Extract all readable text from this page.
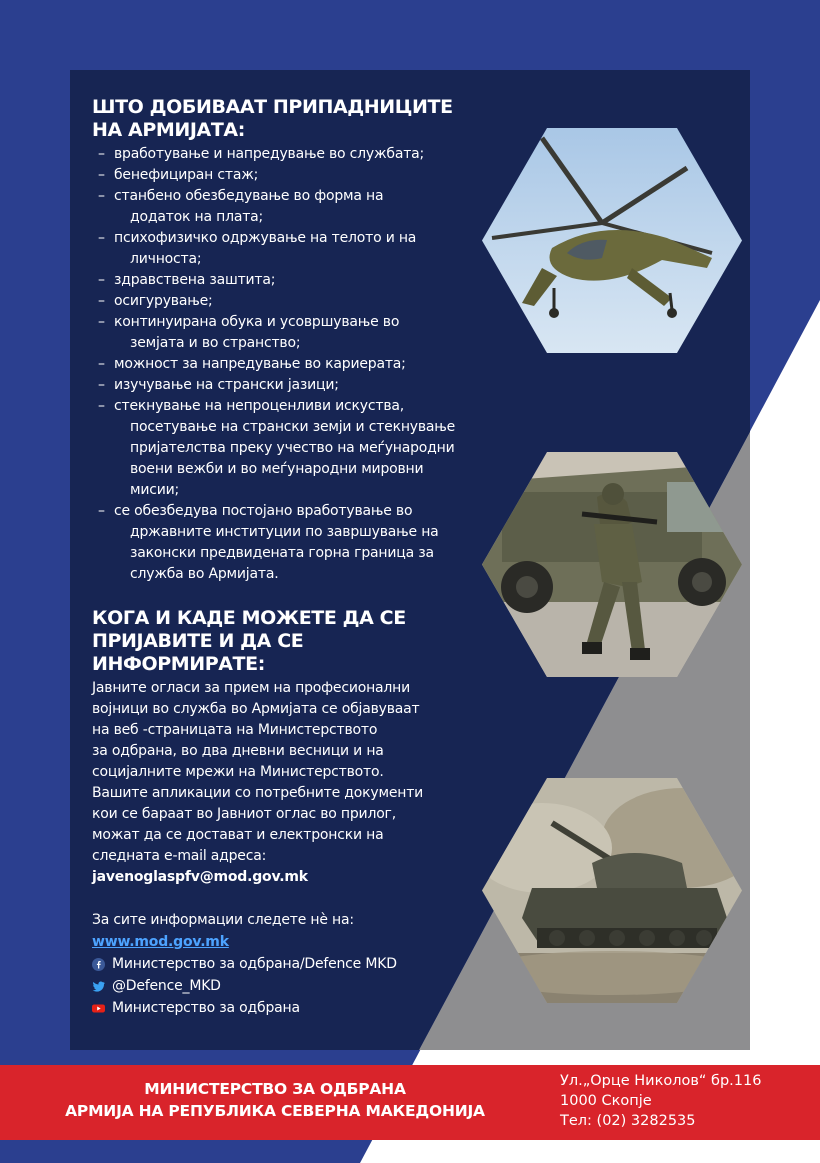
ШТО ДОБИВААТ ПРИПАДНИЦИТЕ
НА АРМИЈАТА:
– вработување и напредување во службата;
– бенефициран стаж;
– станбено обезбедување во форма на
додаток на плата;
– психофизичко одржување на телото и на
личноста;
– здравствена заштита;
– осигурување;
– континуирана обука и усовршување во
земјата и во странство;
– можност за напредување во кариерата;
– изучување на странски јазици;
– стекнување на непроценливи искуства,
посетување на странски земји и стекнување
пријателства преку учество на меѓународни
воени вежби и во меѓународни мировни
мисии;
– се обезбедува постојано вработување во
државните институции по завршување на
законски предвидената горна граница за
служба во Армијата.
КОГА И КАДЕ МОЖЕТЕ ДА СЕ
ПРИЈАВИТЕ И ДА СЕ ИНФОРМИРАТЕ:

Јавните огласи за прием на професионални
војници во служба во Армијата се објавуваат
на веб -страницата на Министерството
за одбрана, во два дневни весници и на
социјалните мрежи на Министерството.
Вашите апликации со потребните документи
кои се бараат во Јавниот оглас во прилог,
можат да се достават и електронски на
следната e-mail адреса:

javenoglaspfv@mod.gov.mk
За сите информации следете нè на:
www.mod.gov.mk
Министерство за одбрана/Defence MKD
@Defence_MKD
Министерство за одбрана
МИНИСТЕРСТВО ЗА ОДБРАНА
АРМИЈА НА РЕПУБЛИКА СЕВЕРНА МАКЕДОНИЈА
Ул.„Орце Николов“ бр.116
1000 Скопје
Тел: (02) 3282535
